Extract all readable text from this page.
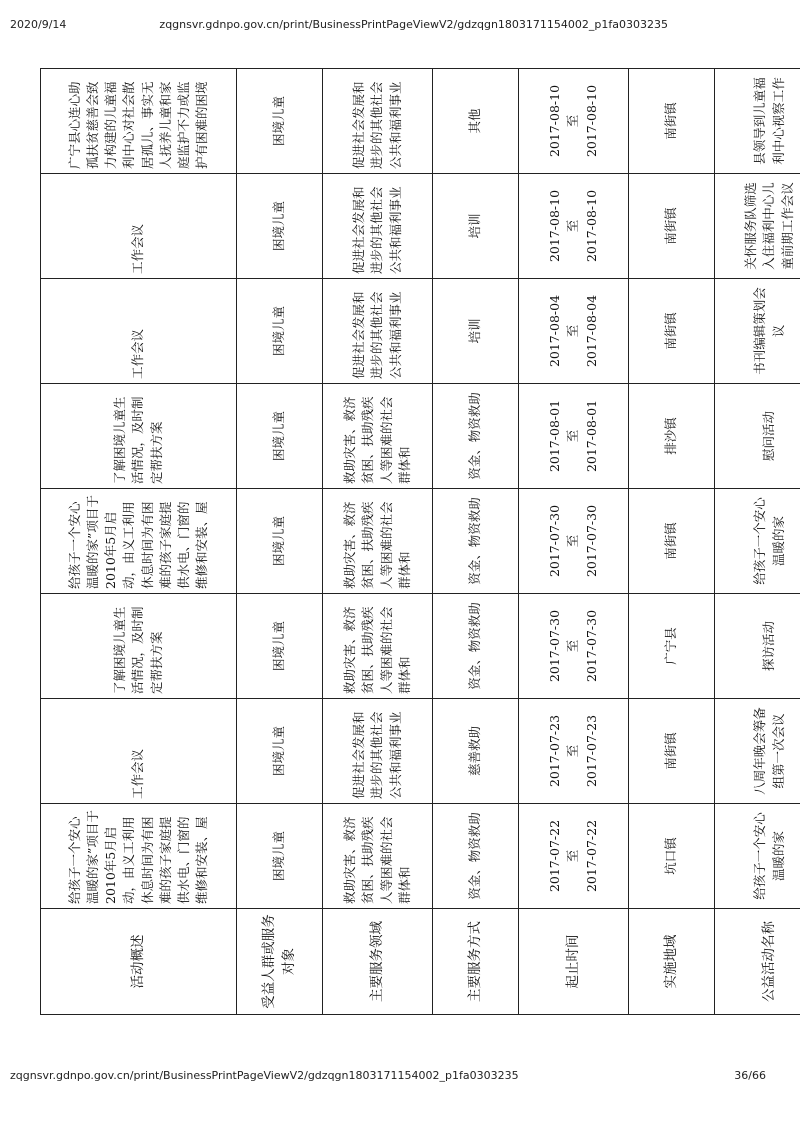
2020/9/14	zqgnsvr.gdnpo.gov.cn/print/BusinessPrintPageViewV2/gdzqgn1803171154002_p1fa0303235
活动概述	给孩子一个安心温暖的家”项目于2010年5月启动，由义工利用休息时间为有困难的孩子家庭提供水电、门窗的维修和安装、屋	工作会议	了解困境儿童生活情况，及时制定帮扶方案	给孩子一个安心温暖的家”项目于2010年5月启动，由义工利用休息时间为有困难的孩子家庭提供水电、门窗的维修和安装、屋	了解困境儿童生活情况，及时制定帮扶方案	工作会议	工作会议	广宁县心连心助孤扶贫慈善会致力构建的儿童福利中心对社会散居孤儿、事实无人抚养儿童和家庭监护不力或监护有困难的困境
受益人群或服务对象	困境儿童	困境儿童	困境儿童	困境儿童	困境儿童	困境儿童	困境儿童	困境儿童
主要服务领域	救助灾害、救济贫困、扶助残疾人等困难的社会群体和	促进社会发展和进步的其他社会公共和福利事业	救助灾害、救济贫困、扶助残疾人等困难的社会群体和	救助灾害、救济贫困、扶助残疾人等困难的社会群体和	救助灾害、救济贫困、扶助残疾人等困难的社会群体和	促进社会发展和进步的其他社会公共和福利事业	促进社会发展和进步的其他社会公共和福利事业	促进社会发展和进步的其他社会公共和福利事业
主要服务方式	资金、物资救助	慈善救助	资金、物资救助	资金、物资救助	资金、物资救助	培训	培训	其他
起止时间	2017-07-22 至 2017-07-22	2017-07-23 至 2017-07-23	2017-07-30 至 2017-07-30	2017-07-30 至 2017-07-30	2017-08-01 至 2017-08-01	2017-08-04 至 2017-08-04	2017-08-10 至 2017-08-10	2017-08-10 至 2017-08-10

实施地域	坑口镇	南街镇	广宁县	南街镇	排沙镇	南街镇	南街镇	南街镇
公益活动名称	给孩子一个安心温暖的家	八周年晚会筹备组第一次会议	探访活动	给孩子一个安心温暖的家	慰问活动	书刊编辑策划会议	关怀服务队筛选入住福利中心儿童前期工作会议	县领导到儿童福利中心视察工作
zqgnsvr.gdnpo.gov.cn/print/BusinessPrintPageViewV2/gdzqgn1803171154002_p1fa0303235	36/66
